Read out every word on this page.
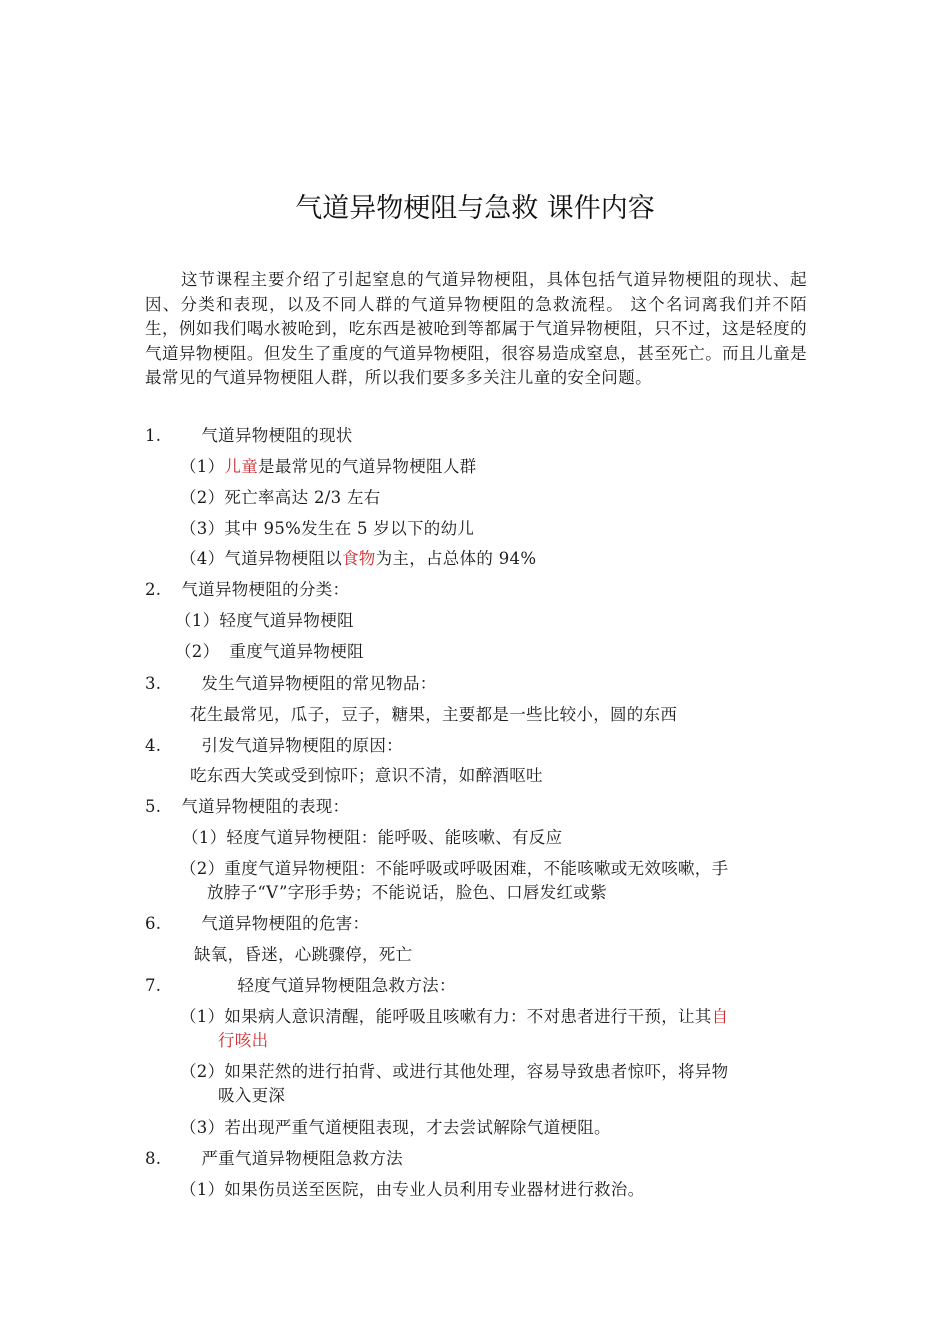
气道异物梗阻与急救 课件内容
这节课程主要介绍了引起窒息的气道异物梗阻，具体包括气道异物梗阻的现状、起因、分类和表现，以及不同人群的气道异物梗阻的急救流程。 这个名词离我们并不陌生，例如我们喝水被呛到，吃东西是被呛到等都属于气道异物梗阻，只不过，这是轻度的气道异物梗阻。但发生了重度的气道异物梗阻，很容易造成窒息，甚至死亡。而且儿童是最常见的气道异物梗阻人群，所以我们要多多关注儿童的安全问题。
1. 气道异物梗阻的现状
（1）儿童是最常见的气道异物梗阻人群
（2）死亡率高达 2/3 左右
（3）其中 95%发生在 5 岁以下的幼儿
（4）气道异物梗阻以食物为主，占总体的 94%
2. 气道异物梗阻的分类：
（1）轻度气道异物梗阻
（2） 重度气道异物梗阻
3. 发生气道异物梗阻的常见物品：
花生最常见，瓜子，豆子，糖果，主要都是一些比较小，圆的东西
4. 引发气道异物梗阻的原因：
吃东西大笑或受到惊吓；意识不清，如醉酒呕吐
5. 气道异物梗阻的表现：
（1）轻度气道异物梗阻：能呼吸、能咳嗽、有反应
（2）重度气道异物梗阻：不能呼吸或呼吸困难，不能咳嗽或无效咳嗽，手
放脖子“V”字形手势；不能说话，脸色、口唇发红或紫
6. 气道异物梗阻的危害：
缺氧，昏迷，心跳骤停，死亡
7.	轻度气道异物梗阻急救方法：
（1）如果病人意识清醒，能呼吸且咳嗽有力：不对患者进行干预，让其自
行咳出
（2）如果茫然的进行拍背、或进行其他处理，容易导致患者惊吓，将异物
吸入更深
（3）若出现严重气道梗阻表现，才去尝试解除气道梗阻。
8. 严重气道异物梗阻急救方法
（1）如果伤员送至医院，由专业人员利用专业器材进行救治。
